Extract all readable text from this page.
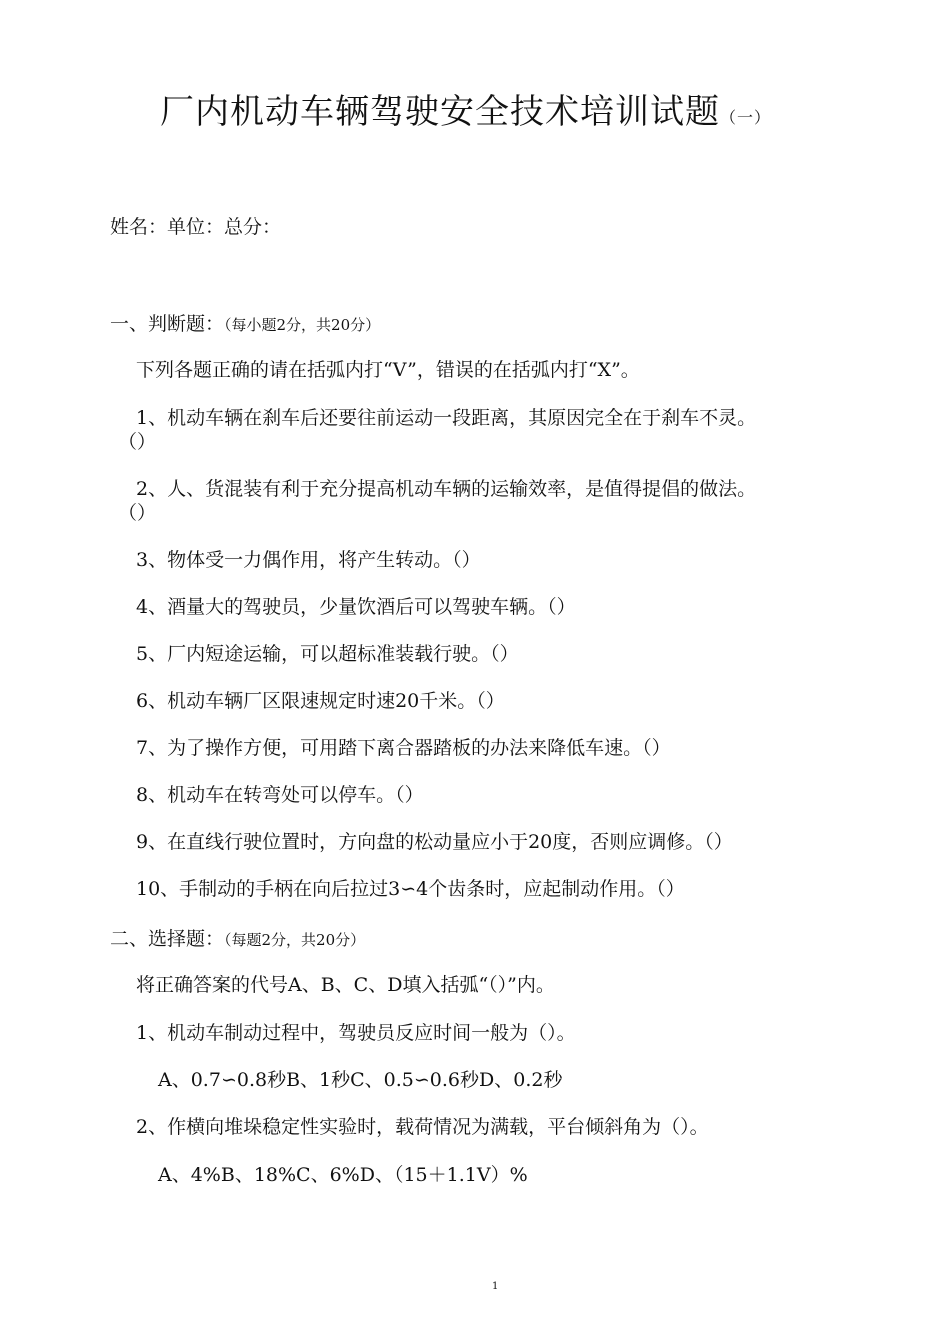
厂内机动车辆驾驶安全技术培训试题（一）
姓名：单位：总分：
一、判断题：（每小题2分，共20分）
下列各题正确的请在括弧内打“V”，错误的在括弧内打“X”。
1、机动车辆在刹车后还要往前运动一段距离，其原因完全在于刹车不灵。
（）
2、人、货混装有利于充分提高机动车辆的运输效率，是值得提倡的做法。
（）
3、物体受一力偶作用，将产生转动。（）
4、酒量大的驾驶员，少量饮酒后可以驾驶车辆。（）
5、厂内短途运输，可以超标准装载行驶。（）
6、机动车辆厂区限速规定时速20千米。（）
7、为了操作方便，可用踏下离合器踏板的办法来降低车速。（）
8、机动车在转弯处可以停车。（）
9、在直线行驶位置时，方向盘的松动量应小于20度，否则应调修。（）
10、手制动的手柄在向后拉过3∽4个齿条时，应起制动作用。（）
二、选择题：（每题2分，共20分）
将正确答案的代号A、B、C、D填入括弧“（）”内。
1、机动车制动过程中，驾驶员反应时间一般为（）。
A、0.7∽0.8秒B、1秒C、0.5∽0.6秒D、0.2秒
2、作横向堆垛稳定性实验时，载荷情况为满载，平台倾斜角为（）。
A、4%B、18%C、6%D、（15＋1.1V）%
1
